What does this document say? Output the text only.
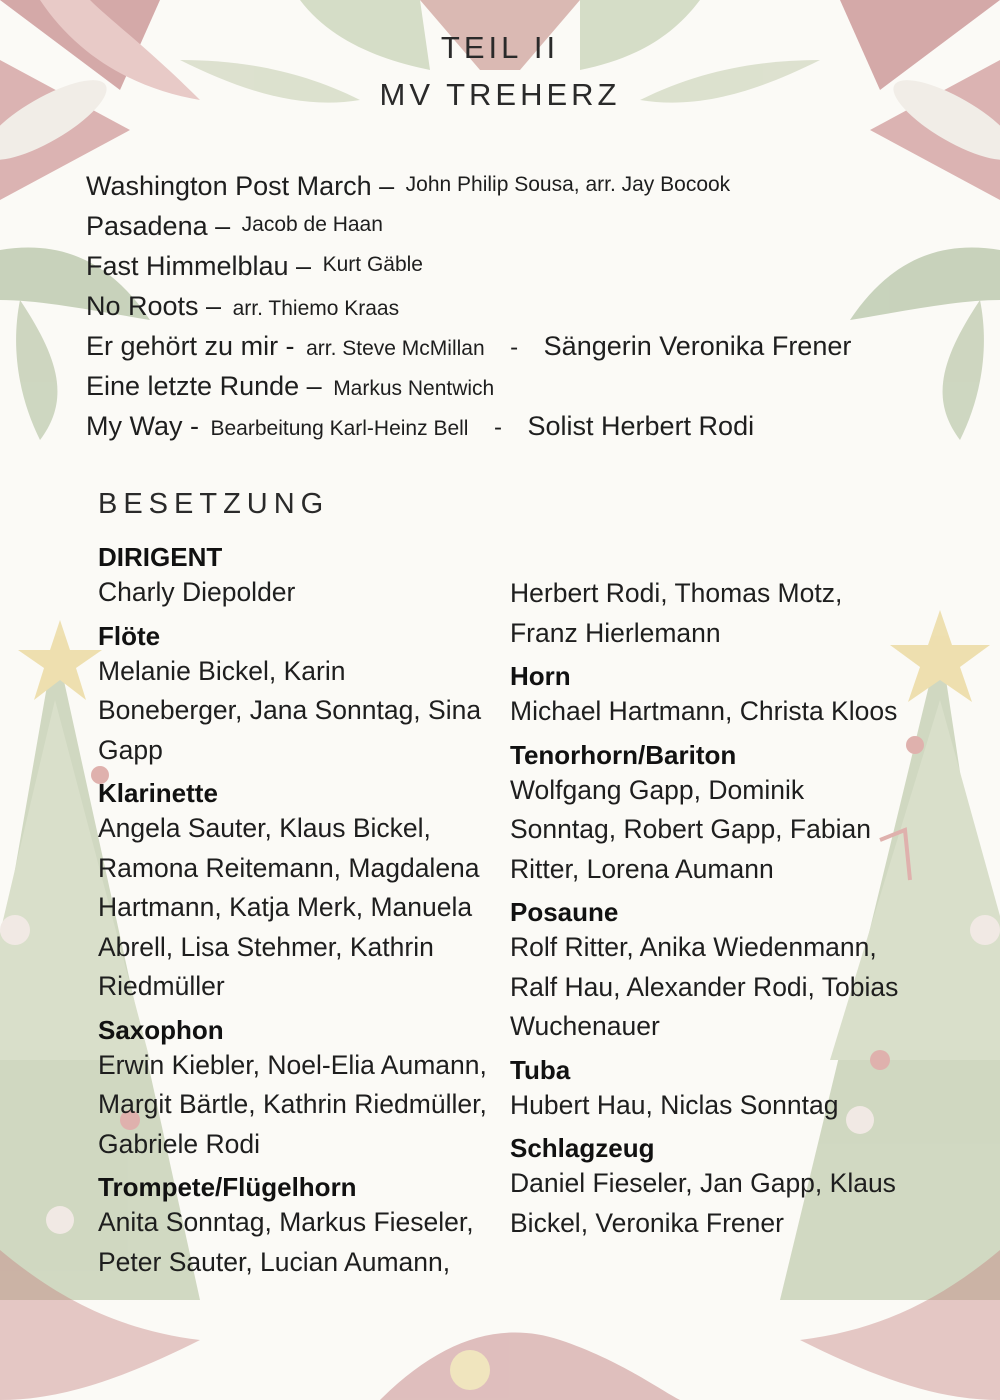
TEIL II
MV TREHERZ
Washington Post March – John Philip Sousa, arr. Jay Bocook
Pasadena – Jacob de Haan
Fast Himmelblau – Kurt Gäble
No Roots – arr. Thiemo Kraas
Er gehört zu mir - arr. Steve McMillan - Sängerin Veronika Frener
Eine letzte Runde – Markus Nentwich
My Way - Bearbeitung Karl-Heinz Bell - Solist Herbert Rodi
BESETZUNG
DIRIGENT
Charly Diepolder
Flöte
Melanie Bickel, Karin Boneberger, Jana Sonntag, Sina Gapp
Klarinette
Angela Sauter, Klaus Bickel, Ramona Reitemann, Magdalena Hartmann, Katja Merk, Manuela Abrell, Lisa Stehmer, Kathrin Riedmüller
Saxophon
Erwin Kiebler, Noel-Elia Aumann, Margit Bärtle, Kathrin Riedmüller, Gabriele Rodi
Trompete/Flügelhorn
Anita Sonntag, Markus Fieseler, Peter Sauter, Lucian Aumann,
Herbert Rodi, Thomas Motz, Franz Hierlemann
Horn
Michael Hartmann, Christa Kloos
Tenorhorn/Bariton
Wolfgang Gapp, Dominik Sonntag, Robert Gapp, Fabian Ritter, Lorena Aumann
Posaune
Rolf Ritter, Anika Wiedenmann, Ralf Hau, Alexander Rodi, Tobias Wuchenauer
Tuba
Hubert Hau, Niclas Sonntag
Schlagzeug
Daniel Fieseler, Jan Gapp, Klaus Bickel, Veronika Frener
